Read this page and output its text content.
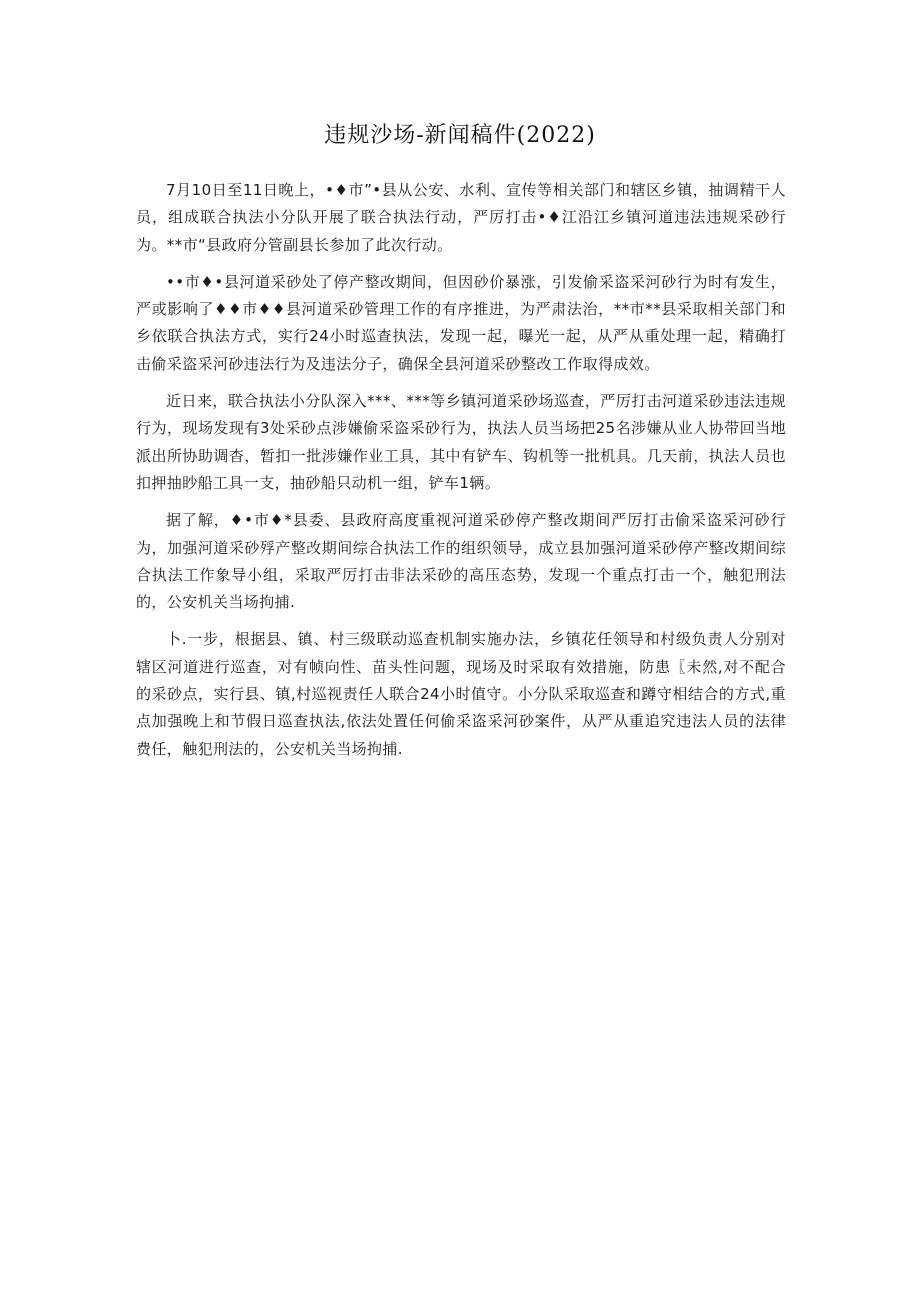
违规沙场-新闻稿件(2022)

7月10日至11日晚上，•♦市”•县从公安、水利、宣传等相关部门和辖区乡镇，抽调精干人员，组成联合执法小分队开展了联合执法行动，严厉打击•♦江沿江乡镇河道违法违规采砂行为。**市“县政府分管副县长参加了此次行动。

••市♦•县河道采砂处了停产整改期间，但因砂价暴涨，引发偷采盗采河砂行为时有发生，严或影响了♦♦市♦♦县河道采砂管理工作的有序推进，为严肃法治，**市**县采取相关部门和乡依联合执法方式，实行24小时巡查执法，发现一起，曝光一起，从严从重处理一起，精确打击偷采盗采河砂违法行为及违法分子，确保全县河道采砂整改工作取得成效。

近日来，联合执法小分队深入***、***等乡镇河道采砂场巡查，严厉打击河道采砂违法违规行为，现场发现有3处采砂点涉嫌偷采盗采砂行为，执法人员当场把25名涉嫌从业人协带回当地派出所协助调杳，暂扣一批涉嫌作业工具，其中有铲车、钩机等一批机具。几天前，执法人员也扣押抽眇船工具一支，抽砂船只动机一组，铲车1辆。

据了解，♦•市♦*县委、县政府高度重视河道采砂停产整改期间严厉打击偷采盗采河砂行为，加强河道采砂殍产整改期间综合执法工作的组织领导，成立县加强河道采砂停产整改期间综合执法工作象导小组，采取严厉打击非法采砂的高压态势，发现一个重点打击一个，触犯刑法的，公安机关当场拘捕.

卜.一步，根据县、镇、村三级联动巡查机制实施办法，乡镇花任领导和村级负责人分别对辖区河道进行巡查，对有帧向性、苗头性问题，现场及时采取有效措施，防患〖未然,对不配合的采砂点，实行县、镇,村巡视责任人联合24小时值守。小分队采取巡查和蹲守相结合的方式,重点加强晚上和节假日巡查执法,依法处置任何偷采盗采河砂案件，从严从重追究违法人员的法律费任，触犯刑法的，公安机关当场拘捕.
